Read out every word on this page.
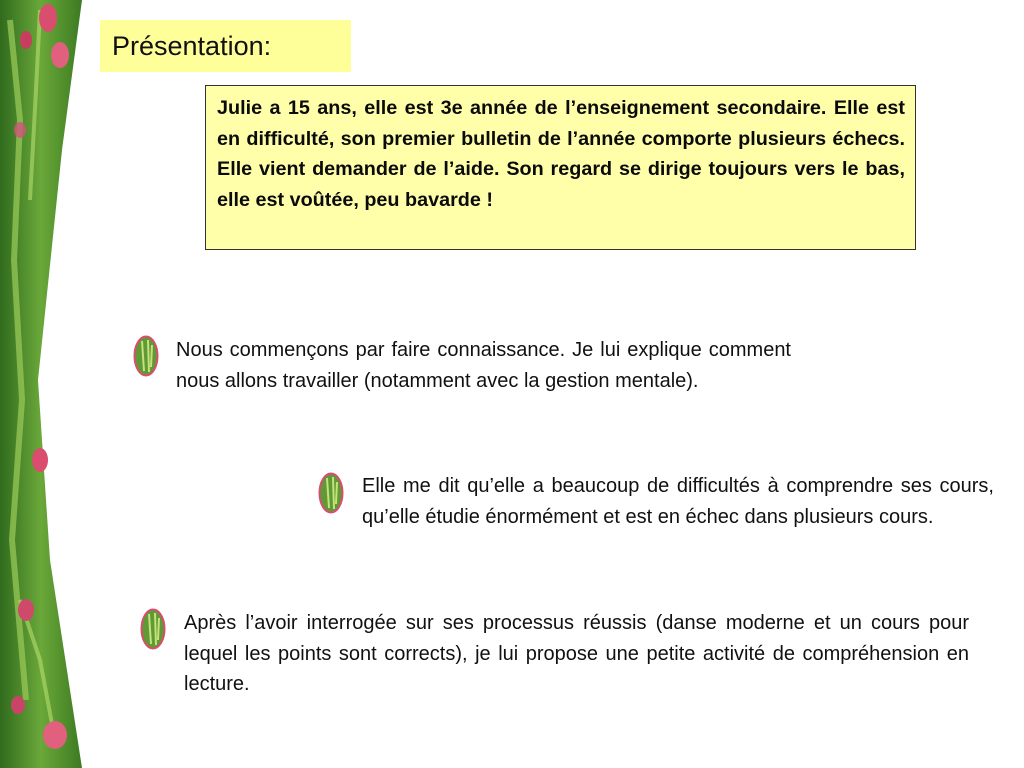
Présentation:
Julie a 15 ans, elle est 3e année de l’enseignement secondaire. Elle est en difficulté, son premier bulletin de l’année comporte plusieurs échecs. Elle vient demander de l’aide. Son regard se dirige toujours vers le bas, elle est voûtée, peu bavarde !

Nous commençons par faire connaissance. Je lui explique comment nous allons travailler (notamment avec la gestion mentale).

Elle me dit qu’elle a beaucoup de difficultés à comprendre ses cours, qu’elle étudie énormément et est en échec dans plusieurs cours.

Après l’avoir interrogée sur ses processus réussis (danse moderne et un cours pour lequel les points sont corrects), je lui propose une petite activité de compréhension en lecture.
